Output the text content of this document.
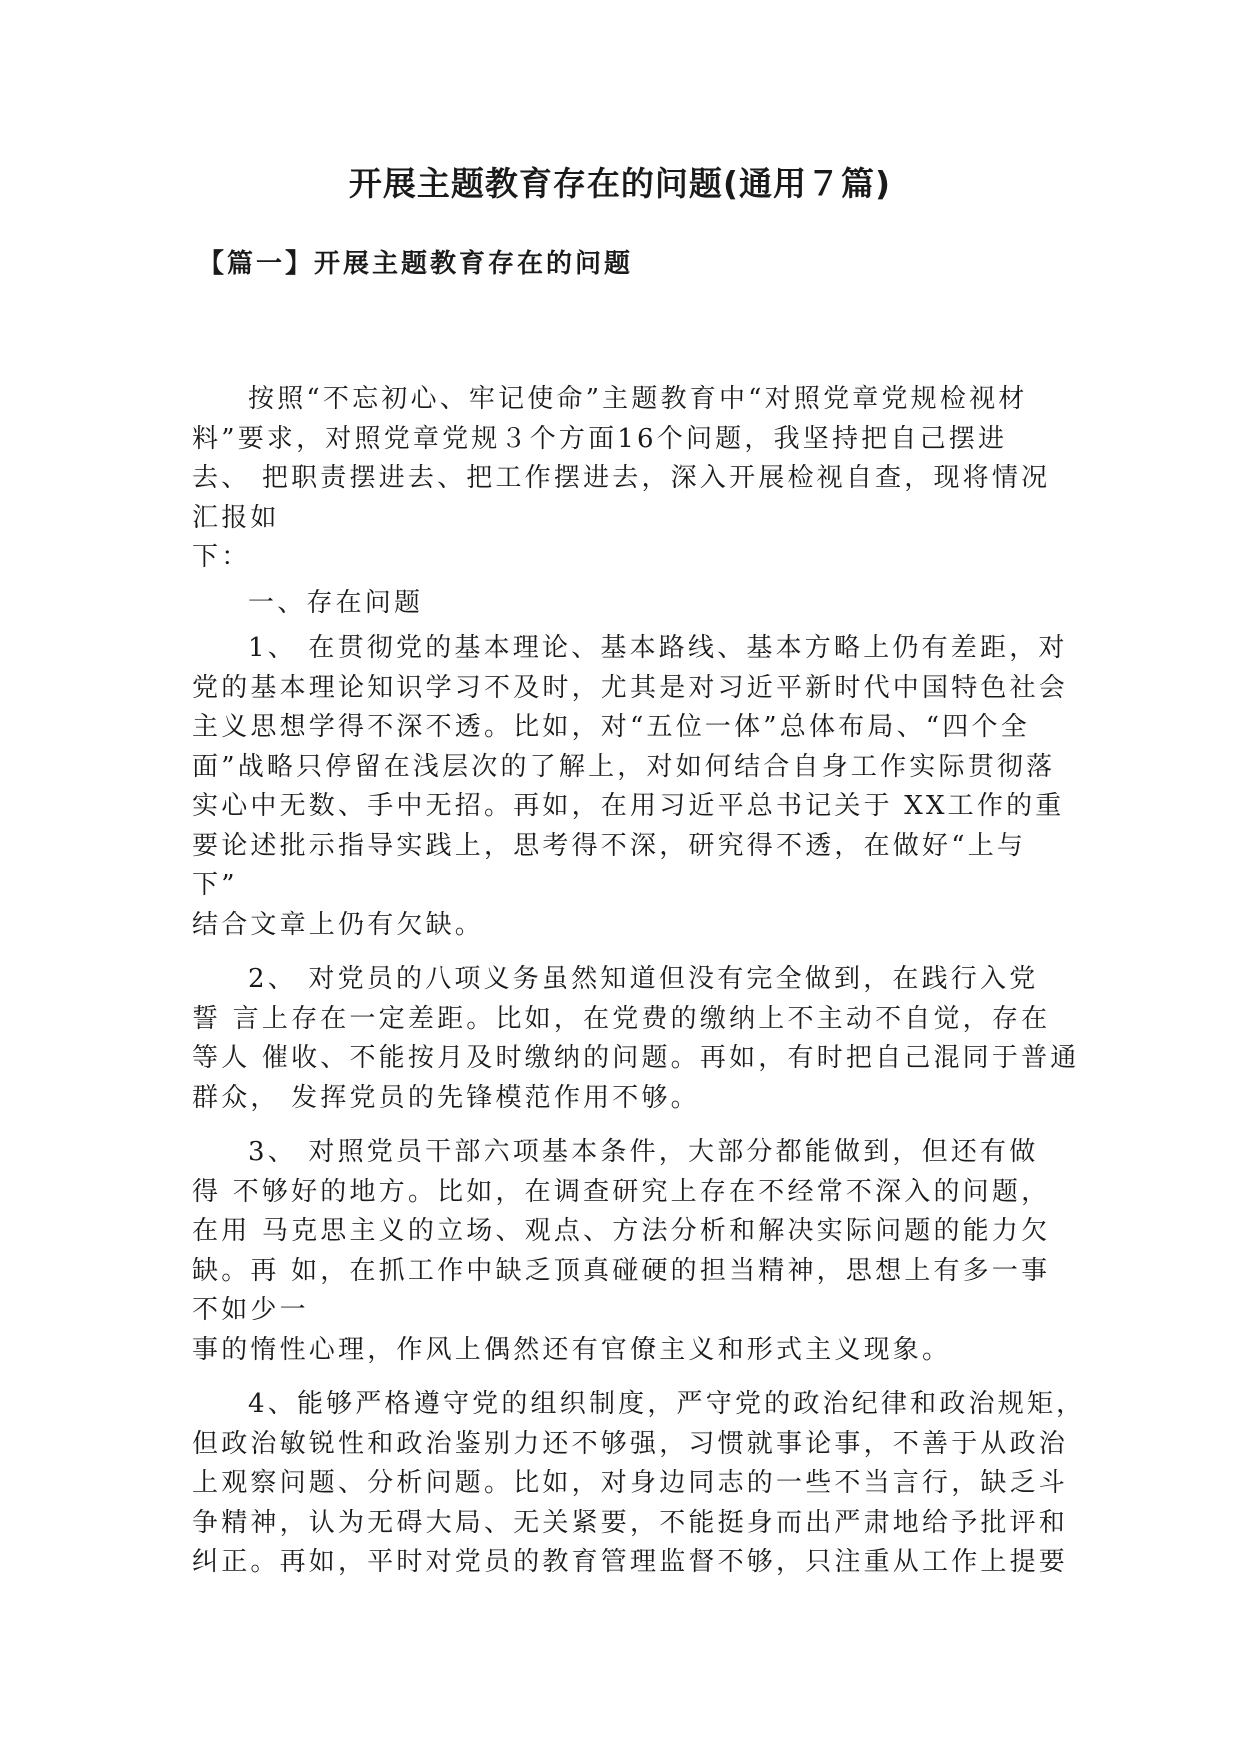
开展主题教育存在的问题(通用７篇)
【篇一】开展主题教育存在的问题

按照“不忘初心、牢记使命”主题教育中“对照党章党规检视材
料”要求，对照党章党规３个方面16个问题，我坚持把自己摆进
去、 把职责摆进去、把工作摆进去，深入开展检视自查，现将情况
汇报如
下：

一、存在问题

1、 在贯彻党的基本理论、基本路线、基本方略上仍有差距，对
党的基本理论知识学习不及时，尤其是对习近平新时代中国特色社会
主义思想学得不深不透。比如，对“五位一体”总体布局、“四个全
面”战略只停留在浅层次的了解上，对如何结合自身工作实际贯彻落
实心中无数、手中无招。再如，在用习近平总书记关于 XX工作的重
要论述批示指导实践上，思考得不深，研究得不透，在做好“上与
下”
结合文章上仍有欠缺。

2、 对党员的八项义务虽然知道但没有完全做到，在践行入党
誓 言上存在一定差距。比如，在党费的缴纳上不主动不自觉，存在
等人 催收、不能按月及时缴纳的问题。再如，有时把自己混同于普通
群众， 发挥党员的先锋模范作用不够。

3、 对照党员干部六项基本条件，大部分都能做到，但还有做
得 不够好的地方。比如，在调查研究上存在不经常不深入的问题，
在用 马克思主义的立场、观点、方法分析和解决实际问题的能力欠
缺。再 如，在抓工作中缺乏顶真碰硬的担当精神，思想上有多一事
不如少一
事的惰性心理，作风上偶然还有官僚主义和形式主义现象。

4、能够严格遵守党的组织制度，严守党的政治纪律和政治规矩，
但政治敏锐性和政治鉴别力还不够强，习惯就事论事，不善于从政治
上观察问题、分析问题。比如，对身边同志的一些不当言行，缺乏斗
争精神，认为无碍大局、无关紧要，不能挺身而出严肃地给予批评和
纠正。再如，平时对党员的教育管理监督不够，只注重从工作上提要
